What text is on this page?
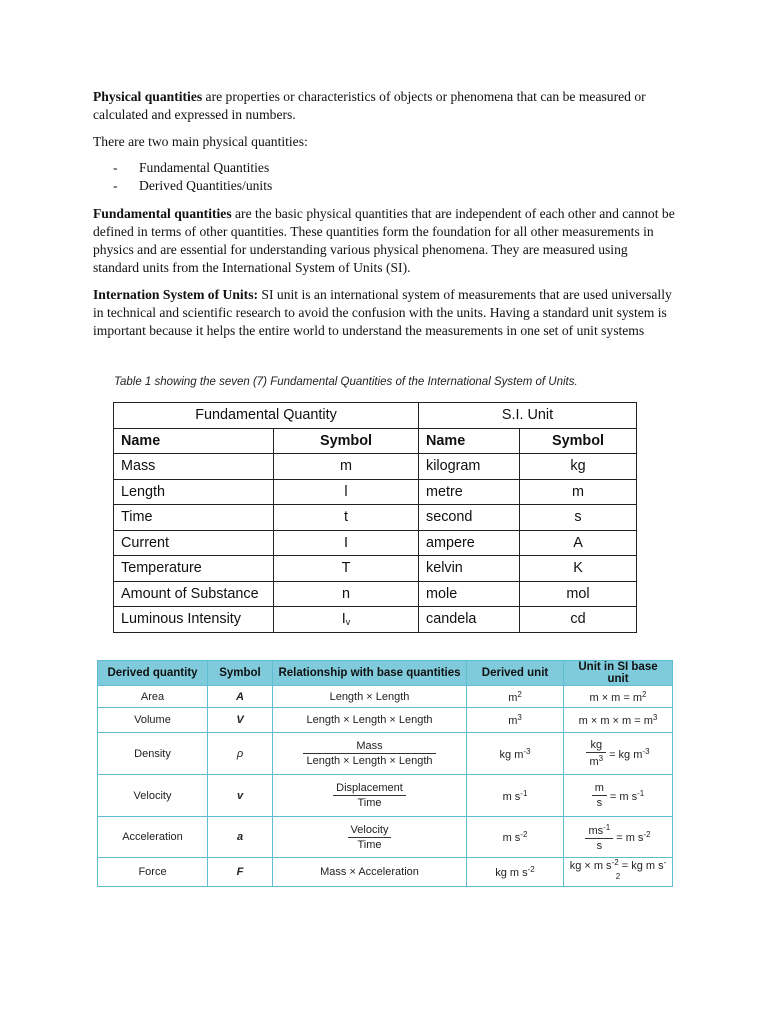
Physical quantities are properties or characteristics of objects or phenomena that can be measured or calculated and expressed in numbers.

There are two main physical quantities:

- Fundamental Quantities
- Derived Quantities/units

Fundamental quantities are the basic physical quantities that are independent of each other and cannot be defined in terms of other quantities. These quantities form the foundation for all other measurements in physics and are essential for understanding various physical phenomena. They are measured using standard units from the International System of Units (SI).

Internation System of Units: SI unit is an international system of measurements that are used universally in technical and scientific research to avoid the confusion with the units. Having a standard unit system is important because it helps the entire world to understand the measurements in one set of unit systems

Table 1 showing the seven (7) Fundamental Quantities of the International System of Units.
Fundamental Quantity		S.I. Unit	
Name	Symbol	Name	Symbol
Mass	m	kilogram	kg
Length	l	metre	m
Time	t	second	s
Current	I	ampere	A
Temperature	T	kelvin	K
Amount of Substance	n	mole	mol
Luminous Intensity	$I_v$	candela	cd
Derived quantity	Symbol	Relationship with base quantities	Derived unit	Unit in SI base unit
Area	A	Length × Length	$m^2$	$m \times m = m^2$
Volume	V	Length × Length × Length	$m^3$	$m \times m \times m = m^3$
Density	ρ	$\frac{\text{Mass}}{\text{Length × Length × Length}}$	kg $m^{-3}$	$\frac{kg}{m^3}$ = kg $m^{-3}$

Velocity	v	$\frac{\text{Displacement}}{\text{Time}}$	m $s^{-1}$	$\frac{m}{s} = m$ $s^{-1}$

Acceleration	a	$\frac{\text{Velocity}}{\text{Time}}$	m $s^{-2}$	$\frac{ms^{-1}}{s} = m$ $s^{-2}$

Force	F	Mass × Acceleration	kg m $s^{-2}$	kg × m $s^{-2}$ = kg m $s^{-2}$
